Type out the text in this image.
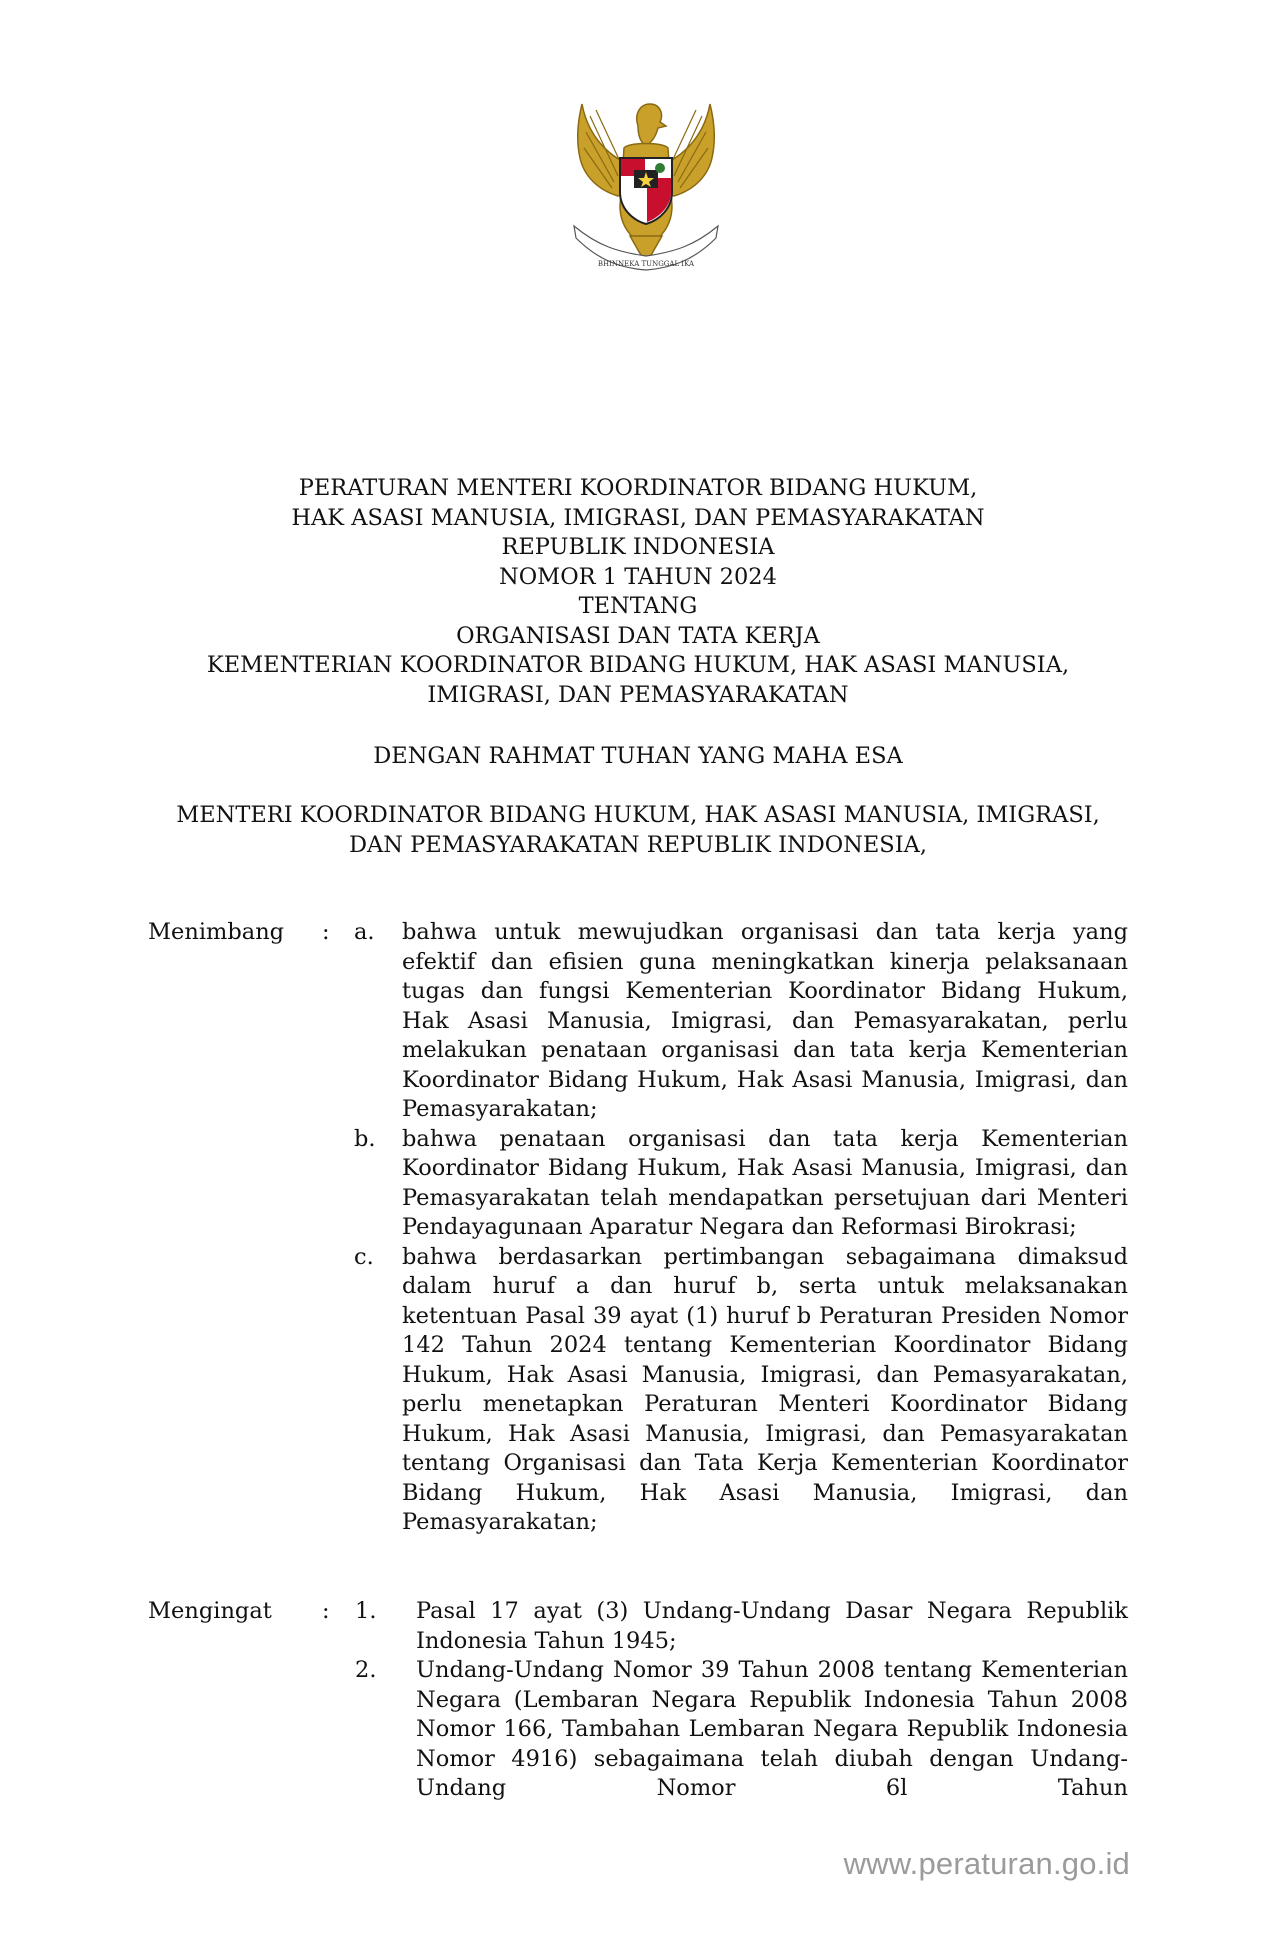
BHINNEKA TUNGGAL IKA
PERATURAN MENTERI KOORDINATOR BIDANG HUKUM,
HAK ASASI MANUSIA, IMIGRASI, DAN PEMASYARAKATAN
REPUBLIK INDONESIA
NOMOR 1 TAHUN 2024
TENTANG
ORGANISASI DAN TATA KERJA
KEMENTERIAN KOORDINATOR BIDANG HUKUM, HAK ASASI MANUSIA,
IMIGRASI, DAN PEMASYARAKATAN
DENGAN RAHMAT TUHAN YANG MAHA ESA
MENTERI KOORDINATOR BIDANG HUKUM, HAK ASASI MANUSIA, IMIGRASI,
DAN PEMASYARAKATAN REPUBLIK INDONESIA,
Menimbang : a. bahwa untuk mewujudkan organisasi dan tata kerja yang efektif dan efisien guna meningkatkan kinerja pelaksanaan tugas dan fungsi Kementerian Koordinator Bidang Hukum, Hak Asasi Manusia, Imigrasi, dan Pemasyarakatan, perlu melakukan penataan organisasi dan tata kerja Kementerian Koordinator Bidang Hukum, Hak Asasi Manusia, Imigrasi, dan Pemasyarakatan;
b. bahwa penataan organisasi dan tata kerja Kementerian Koordinator Bidang Hukum, Hak Asasi Manusia, Imigrasi, dan Pemasyarakatan telah mendapatkan persetujuan dari Menteri Pendayagunaan Aparatur Negara dan Reformasi Birokrasi;
c. bahwa berdasarkan pertimbangan sebagaimana dimaksud dalam huruf a dan huruf b, serta untuk melaksanakan ketentuan Pasal 39 ayat (1) huruf b Peraturan Presiden Nomor 142 Tahun 2024 tentang Kementerian Koordinator Bidang Hukum, Hak Asasi Manusia, Imigrasi, dan Pemasyarakatan, perlu menetapkan Peraturan Menteri Koordinator Bidang Hukum, Hak Asasi Manusia, Imigrasi, dan Pemasyarakatan tentang Organisasi dan Tata Kerja Kementerian Koordinator Bidang Hukum, Hak Asasi Manusia, Imigrasi, dan Pemasyarakatan;
Mengingat : 1. Pasal 17 ayat (3) Undang-Undang Dasar Negara Republik Indonesia Tahun 1945;
2. Undang-Undang Nomor 39 Tahun 2008 tentang Kementerian Negara (Lembaran Negara Republik Indonesia Tahun 2008 Nomor 166, Tambahan Lembaran Negara Republik Indonesia Nomor 4916) sebagaimana telah diubah dengan Undang-Undang Nomor 6l Tahun
www.peraturan.go.id
